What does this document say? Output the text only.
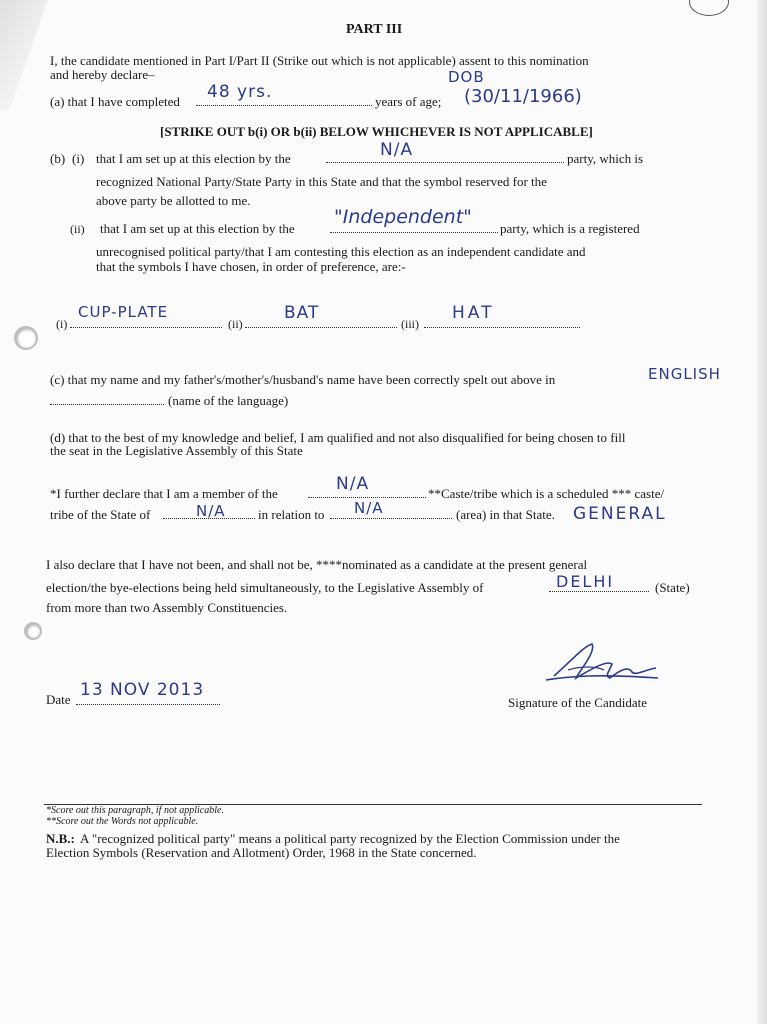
PART III
I, the candidate mentioned in Part I/Part II (Strike out which is not applicable) assent to this nomination
and hereby declare–
(a) that I have completed 48 yrs.	years of age;
DOB
(30/11/1966)
[STRIKE OUT b(i) OR b(ii) BELOW WHICHEVER IS NOT APPLICABLE]
(b) (i) that I am set up at this election by the	N/A	party, which is
recognized National Party/State Party in this State and that the symbol reserved for the
above party be allotted to me.
(ii) that I am set up at this election by the
"Independent"
party, which is a registered
unrecognised political party/that I am contesting this election as an independent candidate and
that the symbols I have chosen, in order of preference, are:-
(i)
CUP-PLATE
(ii)
BAT
(iii)
HAT
(c) that my name and my father's/mother's/husband's name have been correctly spelt out above in	ENGLISH
(name of the language)
(d) that to the best of my knowledge and belief, I am qualified and not also disqualified for being chosen to fill
the seat in the Legislative Assembly of this State
*I further declare that I am a member of the	N/A	**Caste/tribe which is a scheduled *** caste/
tribe of the State of	N/A in relation to N/A	(area) in that State. GENERAL
I also declare that I have not been, and shall not be, ****nominated as a candidate at the present general
election/the bye-elections being held simultaneously, to the Legislative Assembly of	DELHI	(State)
from more than two Assembly Constituencies.
Date 13 NOV 2013
Signature of the Candidate
*Score out this paragraph, if not applicable.
**Score out the Words not applicable.
N.B.: A "recognized political party" means a political party recognized by the Election Commission under the
Election Symbols (Reservation and Allotment) Order, 1968 in the State concerned.
